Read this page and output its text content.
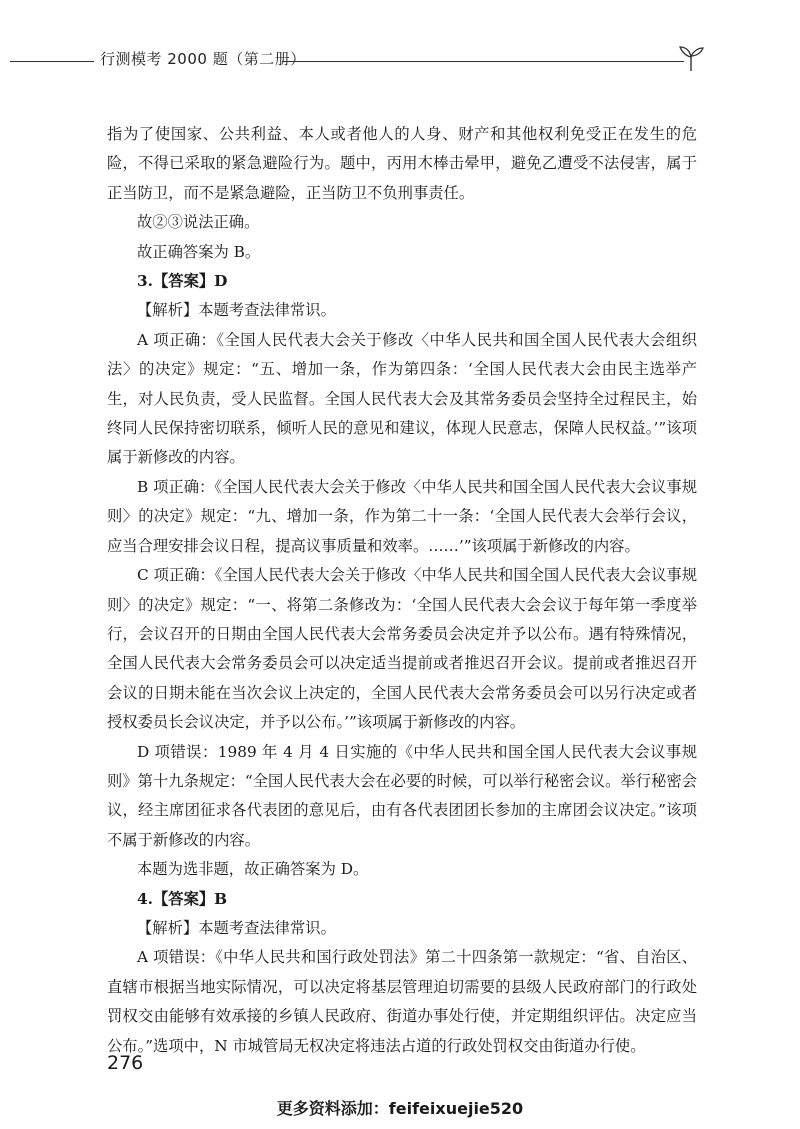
行测模考 2000 题（第二册）

指为了使国家、公共利益、本人或者他人的人身、财产和其他权利免受正在发生的危险，不得已采取的紧急避险行为。题中，丙用木棒击晕甲，避免乙遭受不法侵害，属于正当防卫，而不是紧急避险，正当防卫不负刑事责任。

故②③说法正确。

故正确答案为 B。

3.【答案】D

【解析】本题考查法律常识。

A 项正确：《全国人民代表大会关于修改〈中华人民共和国全国人民代表大会组织法〉的决定》规定：“五、增加一条，作为第四条：‘全国人民代表大会由民主选举产生，对人民负责，受人民监督。全国人民代表大会及其常务委员会坚持全过程民主，始终同人民保持密切联系，倾听人民的意见和建议，体现人民意志，保障人民权益。’”该项属于新修改的内容。

B 项正确：《全国人民代表大会关于修改〈中华人民共和国全国人民代表大会议事规则〉的决定》规定：“九、增加一条，作为第二十一条：‘全国人民代表大会举行会议，应当合理安排会议日程，提高议事质量和效率。……’”该项属于新修改的内容。

C 项正确：《全国人民代表大会关于修改〈中华人民共和国全国人民代表大会议事规则〉的决定》规定：“一、将第二条修改为：‘全国人民代表大会会议于每年第一季度举行，会议召开的日期由全国人民代表大会常务委员会决定并予以公布。遇有特殊情况，全国人民代表大会常务委员会可以决定适当提前或者推迟召开会议。提前或者推迟召开会议的日期未能在当次会议上决定的，全国人民代表大会常务委员会可以另行决定或者授权委员长会议决定，并予以公布。’”该项属于新修改的内容。

D 项错误：1989 年 4 月 4 日实施的《中华人民共和国全国人民代表大会议事规则》第十九条规定：“全国人民代表大会在必要的时候，可以举行秘密会议。举行秘密会议，经主席团征求各代表团的意见后，由有各代表团团长参加的主席团会议决定。”该项不属于新修改的内容。

本题为选非题，故正确答案为 D。

4.【答案】B

【解析】本题考查法律常识。

A 项错误：《中华人民共和国行政处罚法》第二十四条第一款规定：“省、自治区、直辖市根据当地实际情况，可以决定将基层管理迫切需要的县级人民政府部门的行政处罚权交由能够有效承接的乡镇人民政府、街道办事处行使，并定期组织评估。决定应当公布。”选项中，N 市城管局无权决定将违法占道的行政处罚权交由街道办行使。

276
更多资料添加：feifeixuejie520
